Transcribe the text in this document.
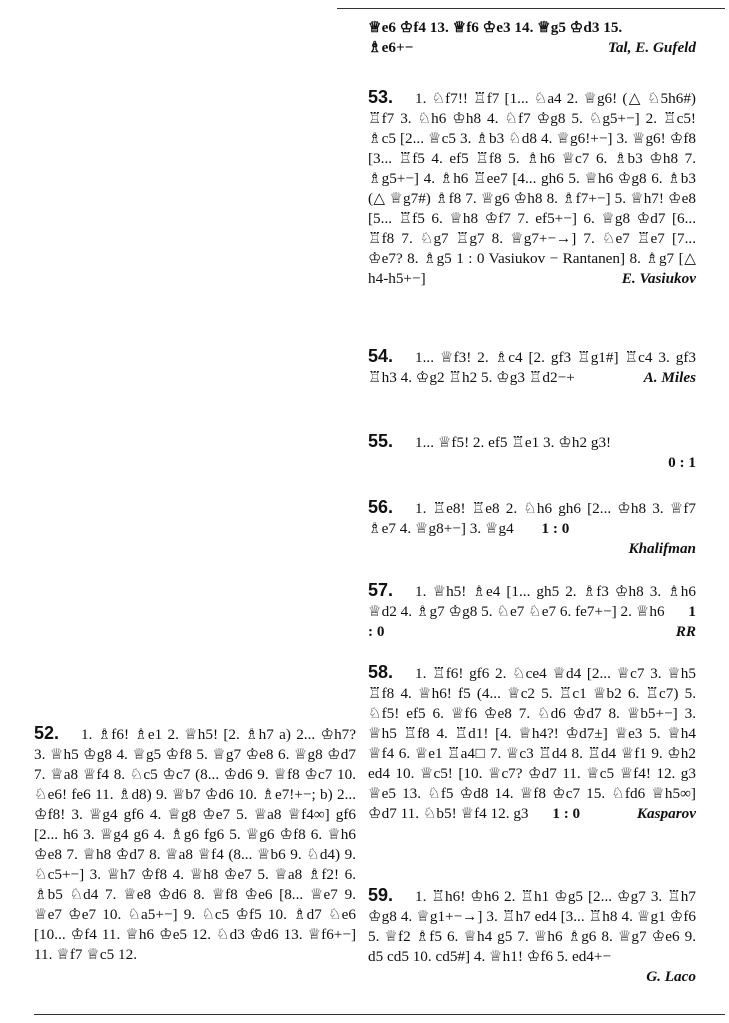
♕e6 ♔f4 13. ♕f6 ♔e3 14. ♕g5 ♔d3 15.
♗e6+−	Tal, E. Gufeld
53. 1. ♘f7!! ♖f7 [1... ♘a4 2. ♕g6! (△ ♘5h6#) ♖f7 3. ♘h6 ♔h8 4. ♘f7 ♔g8 5. ♘g5+−] 2. ♖c5! ♗c5 [2... ♕c5 3. ♗b3 ♘d8 4. ♕g6!+−] 3. ♕g6! ♔f8 [3... ♖f5 4. ef5 ♖f8 5. ♗h6 ♕c7 6. ♗b3 ♔h8 7. ♗g5+−] 4. ♗h6 ♖ee7 [4... gh6 5. ♕h6 ♔g8 6. ♗b3 (△ ♕g7#) ♗f8 7. ♕g6 ♔h8 8. ♗f7+−] 5. ♕h7! ♔e8 [5... ♖f5 6. ♕h8 ♔f7 7. ef5+−] 6. ♕g8 ♔d7 [6... ♖f8 7. ♘g7 ♖g7 8. ♕g7+−→] 7. ♘e7 ♖e7 [7... ♔e7? 8. ♗g5 1 : 0 Vasiukov − Rantanen] 8. ♗g7 [△ h4-h5+−]	E. Vasiukov
54. 1... ♕f3! 2. ♗c4 [2. gf3 ♖g1#] ♖c4 3. gf3 ♖h3 4. ♔g2 ♖h2 5. ♔g3 ♖d2−+	A. Miles
55. 1... ♕f5! 2. ef5 ♖e1 3. ♔h2 g3!
0 : 1
56. 1. ♖e8! ♖e8 2. ♘h6 gh6 [2... ♔h8 3. ♕f7 ♗e7 4. ♕g8+−] 3. ♕g4 1 : 0
Khalifman
57. 1. ♕h5! ♗e4 [1... gh5 2. ♗f3 ♔h8 3. ♗h6 ♕d2 4. ♗g7 ♔g8 5. ♘e7 ♘e7 6. fe7+−] 2. ♕h6 1 : 0	RR
58. 1. ♖f6! gf6 2. ♘ce4 ♕d4 [2... ♕c7 3. ♕h5 ♖f8 4. ♕h6! f5 (4... ♕c2 5. ♖c1 ♕b2 6. ♖c7) 5. ♘f5! ef5 6. ♕f6 ♔e8 7. ♘d6 ♔d7 8. ♕b5+−] 3. ♕h5 ♖f8 4. ♖d1! [4. ♕h4?! ♔d7±] ♕e3 5. ♕h4 ♕f4 6. ♕e1 ♖a4□ 7. ♕c3 ♖d4 8. ♖d4 ♕f1 9. ♔h2 ed4 10. ♕c5! [10. ♕c7? ♔d7 11. ♕c5 ♕f4! 12. g3 ♕e5 13. ♘f5 ♔d8 14. ♕f8 ♔c7 15. ♘fd6 ♕h5∞] ♔d7 11. ♘b5! ♕f4 12. g3 1 : 0	Kasparov
59. 1. ♖h6! ♔h6 2. ♖h1 ♔g5 [2... ♔g7 3. ♖h7 ♔g8 4. ♕g1+−→] 3. ♖h7 ed4 [3... ♖h8 4. ♕g1 ♔f6 5. ♕f2 ♗f5 6. ♕h4 g5 7. ♕h6 ♗g6 8. ♕g7 ♔e6 9. d5 cd5 10. cd5#] 4. ♕h1! ♔f6 5. ed4+−
G. Laco
52. 1. ♗f6! ♗e1 2. ♕h5! [2. ♗h7 a) 2... ♔h7? 3. ♕h5 ♔g8 4. ♕g5 ♔f8 5. ♕g7 ♔e8 6. ♕g8 ♔d7 7. ♕a8 ♕f4 8. ♘c5 ♔c7 (8... ♔d6 9. ♕f8 ♔c7 10. ♘e6! fe6 11. ♗d8) 9. ♕b7 ♔d6 10. ♗e7!+−; b) 2... ♔f8! 3. ♕g4 gf6 4. ♕g8 ♔e7 5. ♕a8 ♕f4∞] gf6 [2... h6 3. ♕g4 g6 4. ♗g6 fg6 5. ♕g6 ♔f8 6. ♕h6 ♔e8 7. ♕h8 ♔d7 8. ♕a8 ♕f4 (8... ♕b6 9. ♘d4) 9. ♘c5+−] 3. ♕h7 ♔f8 4. ♕h8 ♔e7 5. ♕a8 ♗f2! 6. ♗b5 ♘d4 7. ♕e8 ♔d6 8. ♕f8 ♔e6 [8... ♕e7 9. ♕e7 ♔e7 10. ♘a5+−] 9. ♘c5 ♔f5 10. ♗d7 ♘e6 [10... ♔f4 11. ♕h6 ♔e5 12. ♘d3 ♔d6 13. ♕f6+−] 11. ♕f7 ♕c5 12.
